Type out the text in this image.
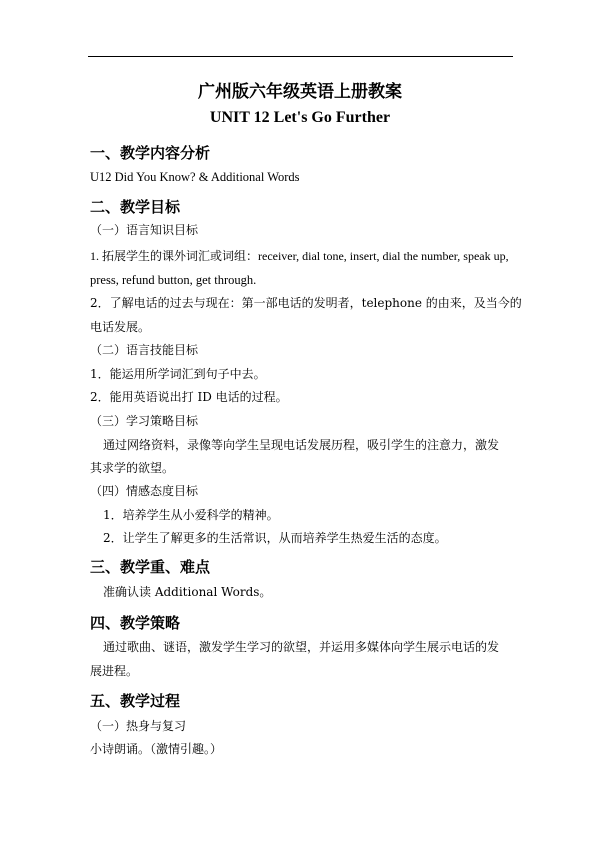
广州版六年级英语上册教案
UNIT 12 Let's Go Further
一、教学内容分析
U12 Did You Know? & Additional Words
二、教学目标
（一）语言知识目标
1. 拓展学生的课外词汇或词组：receiver, dial tone, insert, dial the number, speak up,
press, refund button, get through.
2．了解电话的过去与现在：第一部电话的发明者，telephone 的由来，及当今的
电话发展。
（二）语言技能目标
1．能运用所学词汇到句子中去。
2．能用英语说出打 ID 电话的过程。
（三）学习策略目标
通过网络资料，录像等向学生呈现电话发展历程，吸引学生的注意力，激发
其求学的欲望。
（四）情感态度目标
1．培养学生从小爱科学的精神。
2．让学生了解更多的生活常识，从而培养学生热爱生活的态度。
三、教学重、难点
准确认读 Additional Words。
四、教学策略
通过歌曲、谜语，激发学生学习的欲望，并运用多媒体向学生展示电话的发
展进程。
五、教学过程
（一）热身与复习
小诗朗诵。（激情引趣。）
